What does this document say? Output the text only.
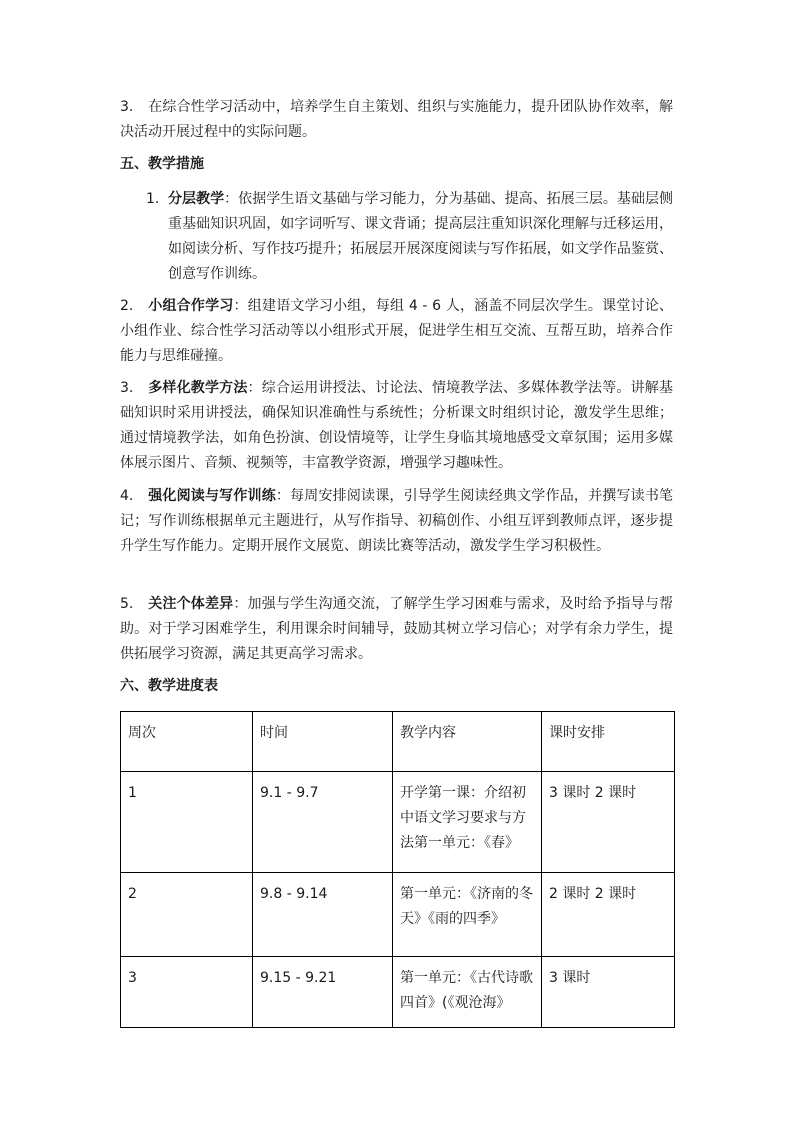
3. 在综合性学习活动中，培养学生自主策划、组织与实施能力，提升团队协作效率，解决活动开展过程中的实际问题。

五、教学措施

1. 分层教学：依据学生语文基础与学习能力，分为基础、提高、拓展三层。基础层侧重基础知识巩固，如字词听写、课文背诵；提高层注重知识深化理解与迁移运用，如阅读分析、写作技巧提升；拓展层开展深度阅读与写作拓展，如文学作品鉴赏、创意写作训练。

2. 小组合作学习：组建语文学习小组，每组 4 - 6 人，涵盖不同层次学生。课堂讨论、小组作业、综合性学习活动等以小组形式开展，促进学生相互交流、互帮互助，培养合作能力与思维碰撞。

3. 多样化教学方法：综合运用讲授法、讨论法、情境教学法、多媒体教学法等。讲解基础知识时采用讲授法，确保知识准确性与系统性；分析课文时组织讨论，激发学生思维；通过情境教学法，如角色扮演、创设情境等，让学生身临其境地感受文章氛围；运用多媒体展示图片、音频、视频等，丰富教学资源，增强学习趣味性。

4. 强化阅读与写作训练：每周安排阅读课，引导学生阅读经典文学作品，并撰写读书笔记；写作训练根据单元主题进行，从写作指导、初稿创作、小组互评到教师点评，逐步提升学生写作能力。定期开展作文展览、朗读比赛等活动，激发学生学习积极性。

5. 关注个体差异：加强与学生沟通交流，了解学生学习困难与需求，及时给予指导与帮助。对于学习困难学生，利用课余时间辅导，鼓励其树立学习信心；对学有余力学生，提供拓展学习资源，满足其更高学习需求。

六、教学进度表

周次	时间	教学内容	课时安排
1	9.1 - 9.7	开学第一课：介绍初中语文学习要求与方法第一单元：《春》	3 课时 2 课时
2	9.8 - 9.14	第一单元：《济南的冬天》《雨的四季》	2 课时 2 课时
3	9.15 - 9.21	第一单元：《古代诗歌四首》(《观沧海》	3 课时
